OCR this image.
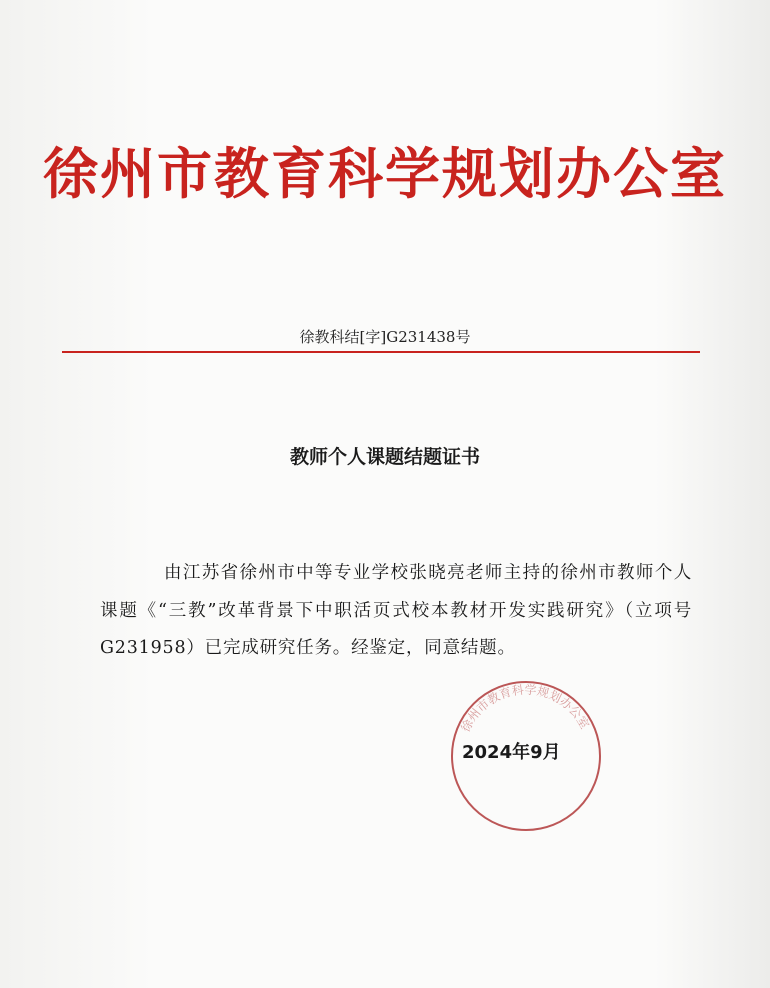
徐州市教育科学规划办公室
徐教科结[字]G231438号
教师个人课题结题证书
由江苏省徐州市中等专业学校张晓亮老师主持的徐州市教师个人课题《“三教”改革背景下中职活页式校本教材开发实践研究》（立项号G231958）已完成研究任务。经鉴定，同意结题。
徐州市教育科学规划办公室
2024年9月
